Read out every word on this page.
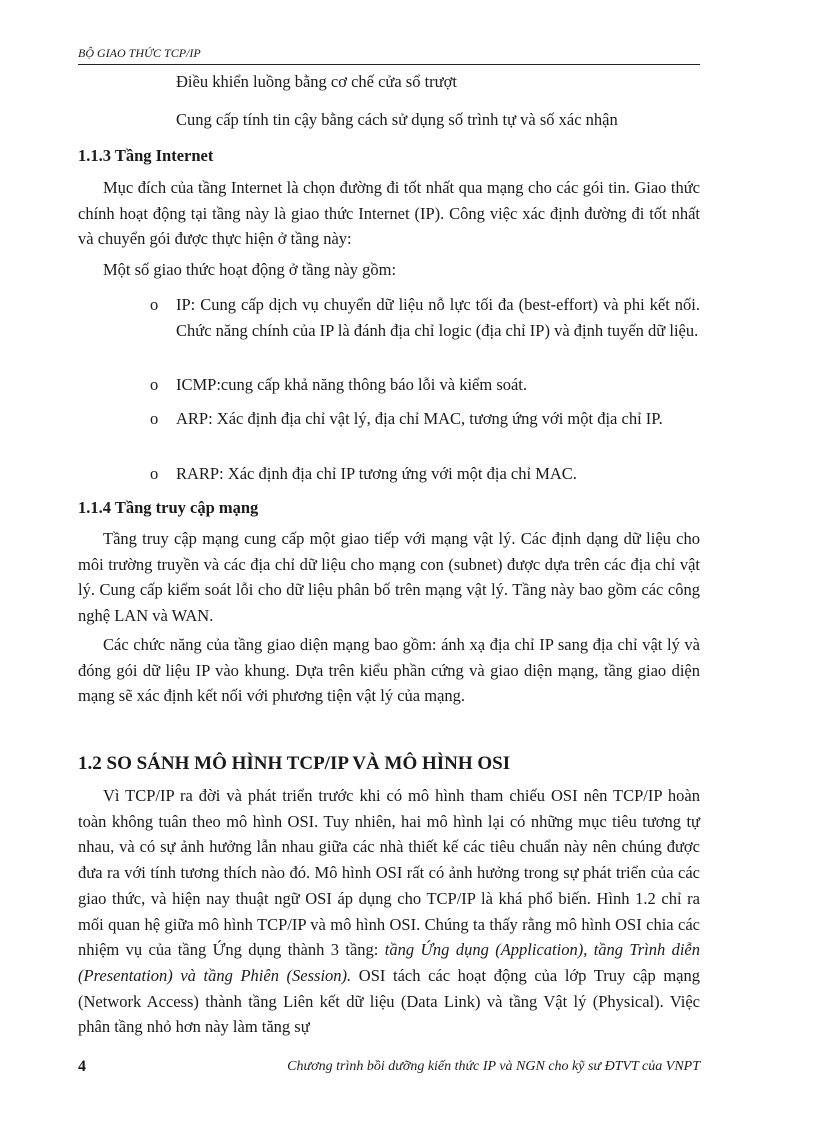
BỘ GIAO THỨC TCP/IP
Điều khiển luồng bằng cơ chế cửa sổ trượt
Cung cấp tính tin cậy bằng cách sử dụng số trình tự và số xác nhận
1.1.3 Tầng Internet

Mục đích của tầng Internet là chọn đường đi tốt nhất qua mạng cho các gói tin. Giao thức chính hoạt động tại tầng này là giao thức Internet (IP). Công việc xác định đường đi tốt nhất và chuyển gói được thực hiện ở tầng này:

Một số giao thức hoạt động ở tầng này gồm:

o IP: Cung cấp dịch vụ chuyển dữ liệu nỗ lực tối đa (best-effort) và phi kết nối. Chức năng chính của IP là đánh địa chỉ logic (địa chỉ IP) và định tuyến dữ liệu.
o ICMP:cung cấp khả năng thông báo lỗi và kiểm soát.
o ARP: Xác định địa chỉ vật lý, địa chỉ MAC, tương ứng với một địa chỉ IP.
o RARP: Xác định địa chỉ IP tương ứng với một địa chỉ MAC.
1.1.4 Tầng truy cập mạng

Tầng truy cập mạng cung cấp một giao tiếp với mạng vật lý. Các định dạng dữ liệu cho môi trường truyền và các địa chỉ dữ liệu cho mạng con (subnet) được dựa trên các địa chỉ vật lý. Cung cấp kiểm soát lỗi cho dữ liệu phân bố trên mạng vật lý. Tầng này bao gồm các công nghệ LAN và WAN.

Các chức năng của tầng giao diện mạng bao gồm: ánh xạ địa chỉ IP sang địa chỉ vật lý và đóng gói dữ liệu IP vào khung. Dựa trên kiểu phần cứng và giao diện mạng, tầng giao diện mạng sẽ xác định kết nối với phương tiện vật lý của mạng.

1.2 SO SÁNH MÔ HÌNH TCP/IP VÀ MÔ HÌNH OSI

Vì TCP/IP ra đời và phát triển trước khi có mô hình tham chiếu OSI nên TCP/IP hoàn toàn không tuân theo mô hình OSI. Tuy nhiên, hai mô hình lại có những mục tiêu tương tự nhau, và có sự ảnh hưởng lẫn nhau giữa các nhà thiết kế các tiêu chuẩn này nên chúng được đưa ra với tính tương thích nào đó. Mô hình OSI rất có ảnh hưởng trong sự phát triển của các giao thức, và hiện nay thuật ngữ OSI áp dụng cho TCP/IP là khá phổ biến. Hình 1.2 chỉ ra mối quan hệ giữa mô hình TCP/IP và mô hình OSI. Chúng ta thấy rằng mô hình OSI chia các nhiệm vụ của tầng Ứng dụng thành 3 tầng: tầng Ứng dụng (Application), tầng Trình diễn (Presentation) và tầng Phiên (Session). OSI tách các hoạt động của lớp Truy cập mạng (Network Access) thành tầng Liên kết dữ liệu (Data Link) và tầng Vật lý (Physical). Việc phân tầng nhỏ hơn này làm tăng sự

4	Chương trình bồi dưỡng kiến thức IP và NGN cho kỹ sư ĐTVT của VNPT
